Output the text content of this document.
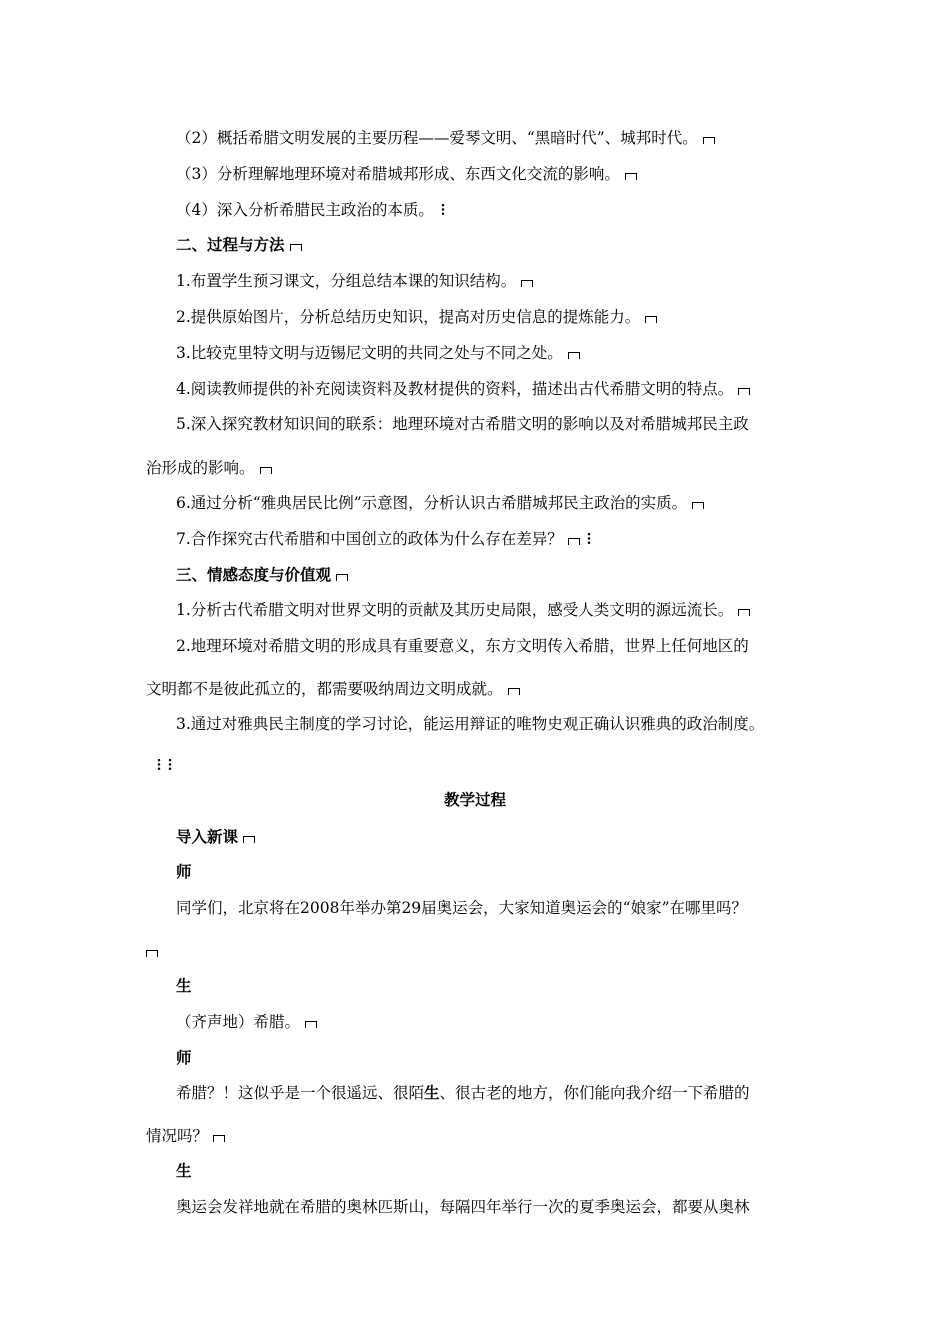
（2）概括希腊文明发展的主要历程——爱琴文明、“黑暗时代”、城邦时代。
（3）分析理解地理环境对希腊城邦形成、东西文化交流的影响。
（4）深入分析希腊民主政治的本质。
二、过程与方法
1.布置学生预习课文，分组总结本课的知识结构。
2.提供原始图片，分析总结历史知识，提高对历史信息的提炼能力。
3.比较克里特文明与迈锡尼文明的共同之处与不同之处。
4.阅读教师提供的补充阅读资料及教材提供的资料，描述出古代希腊文明的特点。
5.深入探究教材知识间的联系：地理环境对古希腊文明的影响以及对希腊城邦民主政
治形成的影响。
6.通过分析“雅典居民比例”示意图，分析认识古希腊城邦民主政治的实质。
7.合作探究古代希腊和中国创立的政体为什么存在差异？
三、情感态度与价值观
1.分析古代希腊文明对世界文明的贡献及其历史局限，感受人类文明的源远流长。
2.地理环境对希腊文明的形成具有重要意义，东方文明传入希腊，世界上任何地区的
文明都不是彼此孤立的，都需要吸纳周边文明成就。
3.通过对雅典民主制度的学习讨论，能运用辩证的唯物史观正确认识雅典的政治制度。
教学过程
导入新课
师
同学们，北京将在2008年举办第29届奥运会，大家知道奥运会的“娘家”在哪里吗？
生
（齐声地）希腊。
师
希腊？！这似乎是一个很遥远、很陌生、很古老的地方，你们能向我介绍一下希腊的
情况吗？
生
奥运会发祥地就在希腊的奥林匹斯山，每隔四年举行一次的夏季奥运会，都要从奥林
